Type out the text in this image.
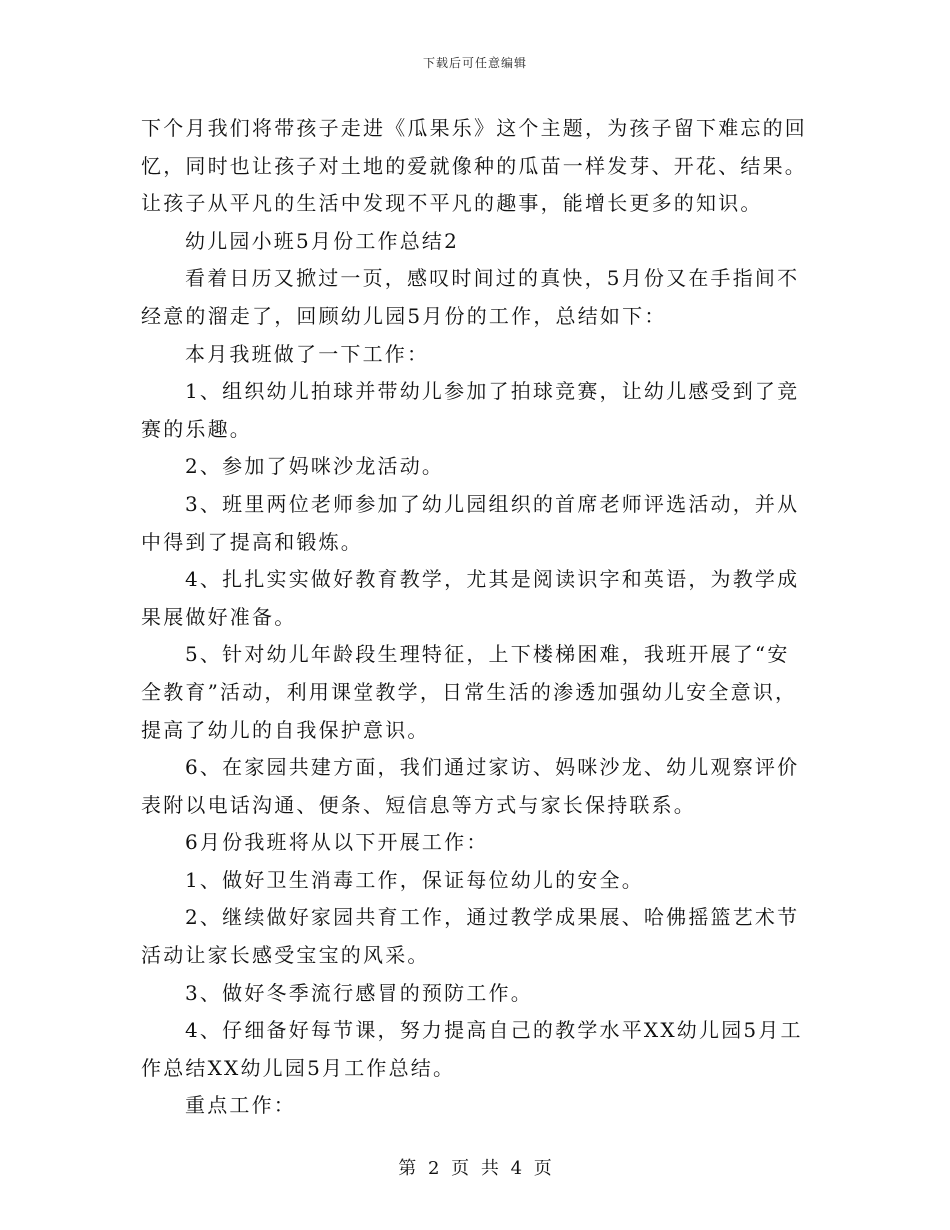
下载后可任意编辑

下个月我们将带孩子走进《瓜果乐》这个主题，为孩子留下难忘的回忆，同时也让孩子对土地的爱就像种的瓜苗一样发芽、开花、结果。让孩子从平凡的生活中发现不平凡的趣事，能增长更多的知识。

幼儿园小班5月份工作总结2

看着日历又掀过一页，感叹时间过的真快，5月份又在手指间不经意的溜走了，回顾幼儿园5月份的工作，总结如下：

本月我班做了一下工作：

1、组织幼儿拍球并带幼儿参加了拍球竞赛，让幼儿感受到了竞赛的乐趣。

2、参加了妈咪沙龙活动。

3、班里两位老师参加了幼儿园组织的首席老师评选活动，并从中得到了提高和锻炼。

4、扎扎实实做好教育教学，尤其是阅读识字和英语，为教学成果展做好准备。

5、针对幼儿年龄段生理特征，上下楼梯困难，我班开展了“安全教育”活动，利用课堂教学，日常生活的渗透加强幼儿安全意识，提高了幼儿的自我保护意识。

6、在家园共建方面，我们通过家访、妈咪沙龙、幼儿观察评价表附以电话沟通、便条、短信息等方式与家长保持联系。

6月份我班将从以下开展工作：

1、做好卫生消毒工作，保证每位幼儿的安全。

2、继续做好家园共育工作，通过教学成果展、哈佛摇篮艺术节活动让家长感受宝宝的风采。

3、做好冬季流行感冒的预防工作。

4、仔细备好每节课，努力提高自己的教学水平XX幼儿园5月工作总结XX幼儿园5月工作总结。

重点工作：

第 2 页 共 4 页
